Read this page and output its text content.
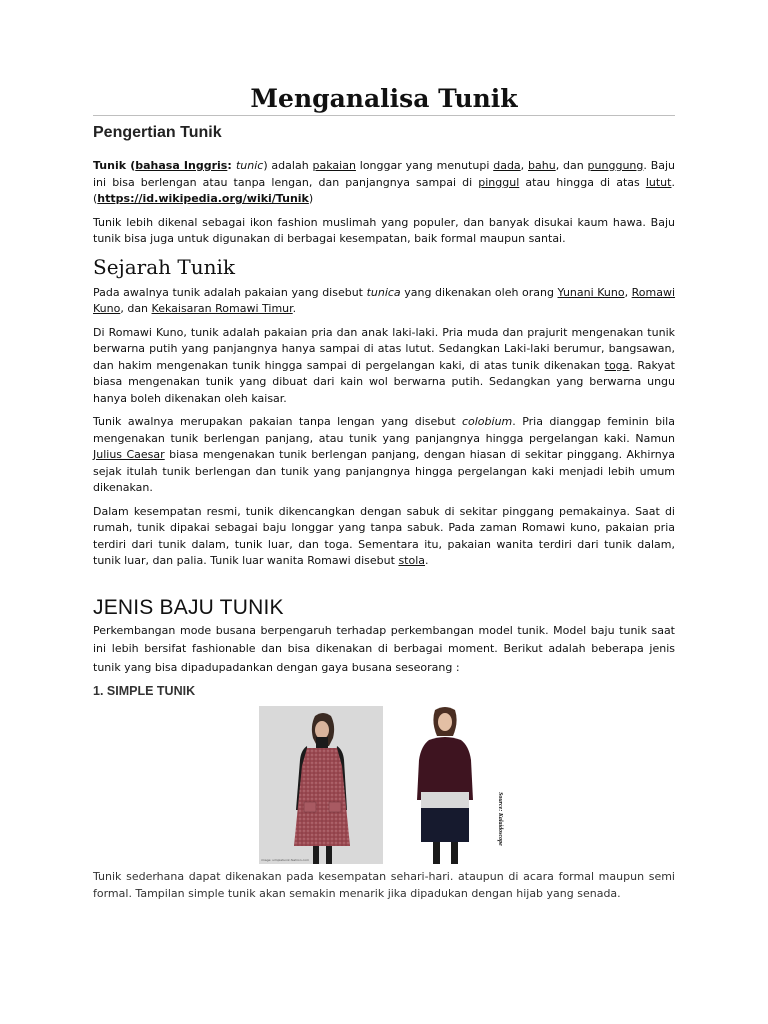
Menganalisa Tunik
Pengertian Tunik

Tunik (bahasa Inggris: tunic) adalah pakaian longgar yang menutupi dada, bahu, dan punggung. Baju ini bisa berlengan atau tanpa lengan, dan panjangnya sampai di pinggul atau hingga di atas lutut. (https://id.wikipedia.org/wiki/Tunik)

Tunik lebih dikenal sebagai ikon fashion muslimah yang populer, dan banyak disukai kaum hawa. Baju tunik bisa juga untuk digunakan di berbagai kesempatan, baik formal maupun santai.

Sejarah Tunik

Pada awalnya tunik adalah pakaian yang disebut tunica yang dikenakan oleh orang Yunani Kuno, Romawi Kuno, dan Kekaisaran Romawi Timur.

Di Romawi Kuno, tunik adalah pakaian pria dan anak laki-laki. Pria muda dan prajurit mengenakan tunik berwarna putih yang panjangnya hanya sampai di atas lutut. Sedangkan Laki-laki berumur, bangsawan, dan hakim mengenakan tunik hingga sampai di pergelangan kaki, di atas tunik dikenakan toga. Rakyat biasa mengenakan tunik yang dibuat dari kain wol berwarna putih. Sedangkan yang berwarna ungu hanya boleh dikenakan oleh kaisar.

Tunik awalnya merupakan pakaian tanpa lengan yang disebut colobium. Pria dianggap feminin bila mengenakan tunik berlengan panjang, atau tunik yang panjangnya hingga pergelangan kaki. Namun Julius Caesar biasa mengenakan tunik berlengan panjang, dengan hiasan di sekitar pinggang. Akhirnya sejak itulah tunik berlengan dan tunik yang panjangnya hingga pergelangan kaki menjadi lebih umum dikenakan.

Dalam kesempatan resmi, tunik dikencangkan dengan sabuk di sekitar pinggang pemakainya. Saat di rumah, tunik dipakai sebagai baju longgar yang tanpa sabuk. Pada zaman Romawi kuno, pakaian pria terdiri dari tunik dalam, tunik luar, dan toga. Sementara itu, pakaian wanita terdiri dari tunik dalam, tunik luar, dan palia. Tunik luar wanita Romawi disebut stola.

JENIS BAJU TUNIK

Perkembangan mode busana berpengaruh terhadap perkembangan model tunik. Model baju tunik saat ini lebih bersifat fashionable dan bisa dikenakan di berbagai moment. Berikut adalah beberapa jenis tunik yang bisa dipadupadankan dengan gaya busana seseorang :

1. SIMPLE TUNIK
image: simpletunik.fashion.com
Source: Kalaidoscope

Tunik sederhana dapat dikenakan pada kesempatan sehari-hari. ataupun di acara formal maupun semi formal. Tampilan simple tunik akan semakin menarik jika dipadukan dengan hijab yang senada.
